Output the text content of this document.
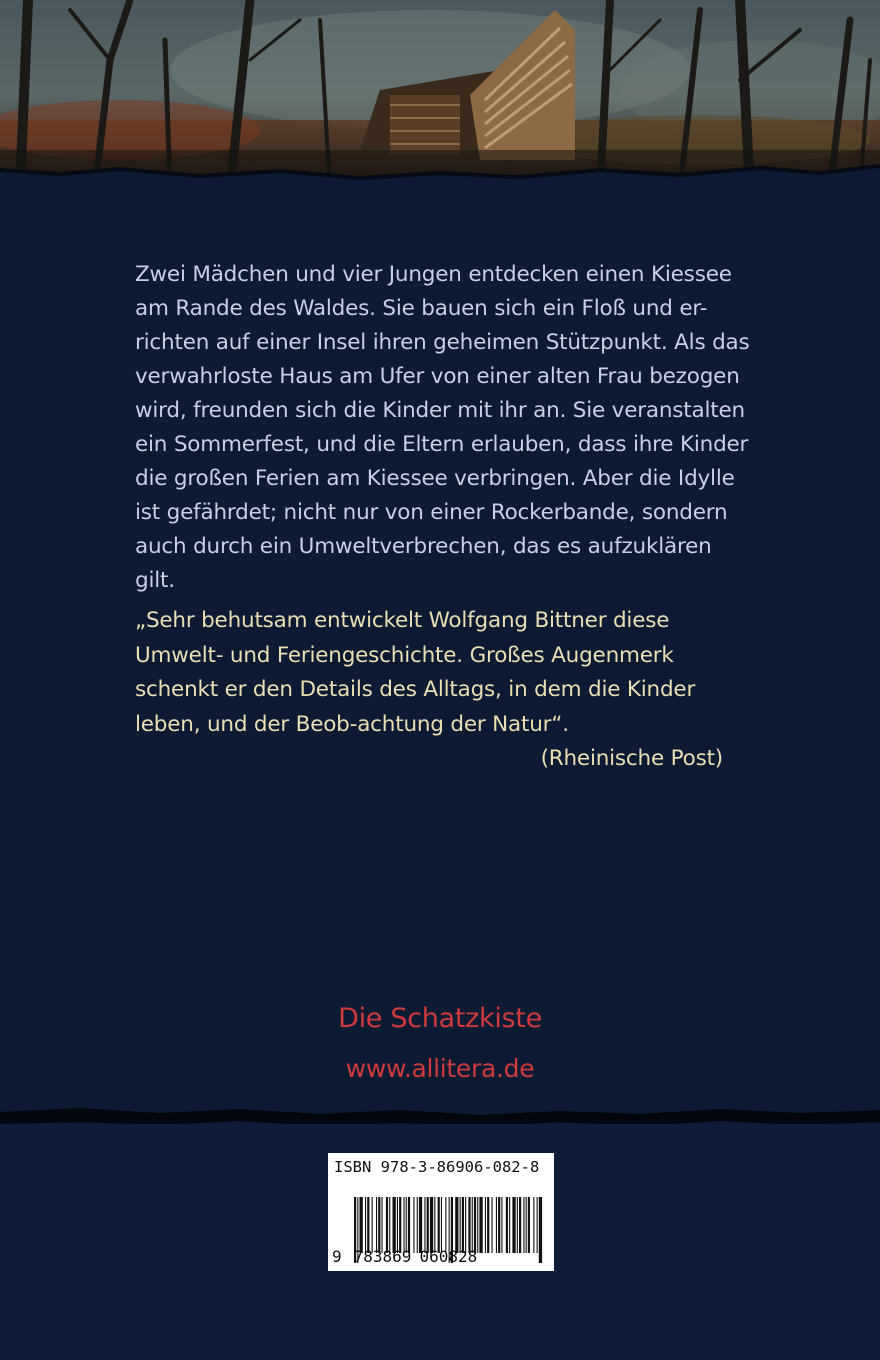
Zwei Mädchen und vier Jungen entdecken einen Kiessee am Rande des Waldes. Sie bauen sich ein Floß und er-richten auf einer Insel ihren geheimen Stützpunkt. Als das verwahrloste Haus am Ufer von einer alten Frau bezogen wird, freunden sich die Kinder mit ihr an. Sie veranstalten ein Sommerfest, und die Eltern erlauben, dass ihre Kinder die großen Ferien am Kiessee verbringen. Aber die Idylle ist gefährdet; nicht nur von einer Rockerbande, sondern auch durch ein Umweltverbrechen, das es aufzuklären gilt.

„Sehr behutsam entwickelt Wolfgang Bittner diese Umwelt- und Feriengeschichte. Großes Augenmerk schenkt er den Details des Alltags, in dem die Kinder leben, und der Beob-achtung der Natur“.
(Rheinische Post)

Die Schatzkiste
www.allitera.de
ISBN 978-3-86906-082-8
9 783869 060828
